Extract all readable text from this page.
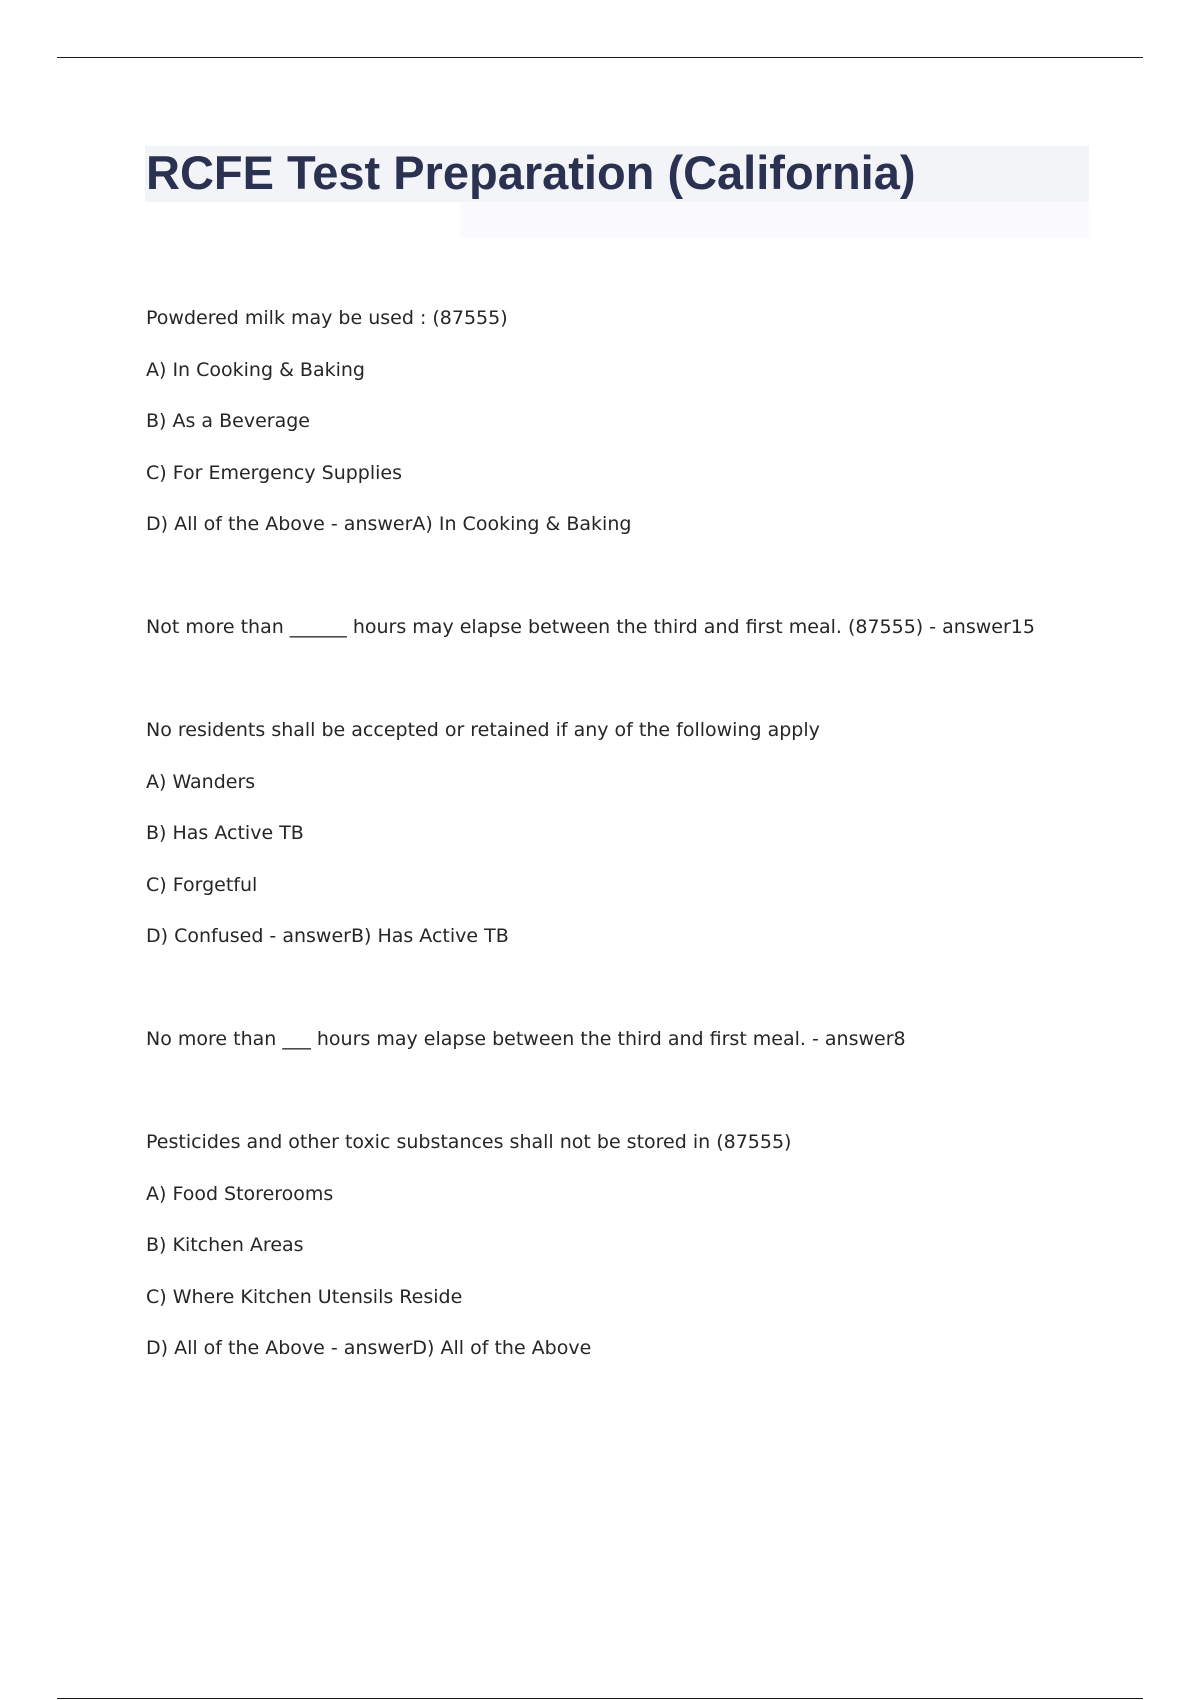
RCFE Test Preparation (California)

Powdered milk may be used : (87555)

A) In Cooking & Baking

B) As a Beverage

C) For Emergency Supplies

D) All of the Above - answerA) In Cooking & Baking

Not more than ______ hours may elapse between the third and first meal. (87555) - answer15

No residents shall be accepted or retained if any of the following apply

A) Wanders

B) Has Active TB

C) Forgetful

D) Confused - answerB) Has Active TB

No more than ___ hours may elapse between the third and first meal. - answer8

Pesticides and other toxic substances shall not be stored in (87555)

A) Food Storerooms

B) Kitchen Areas

C) Where Kitchen Utensils Reside

D) All of the Above - answerD) All of the Above
